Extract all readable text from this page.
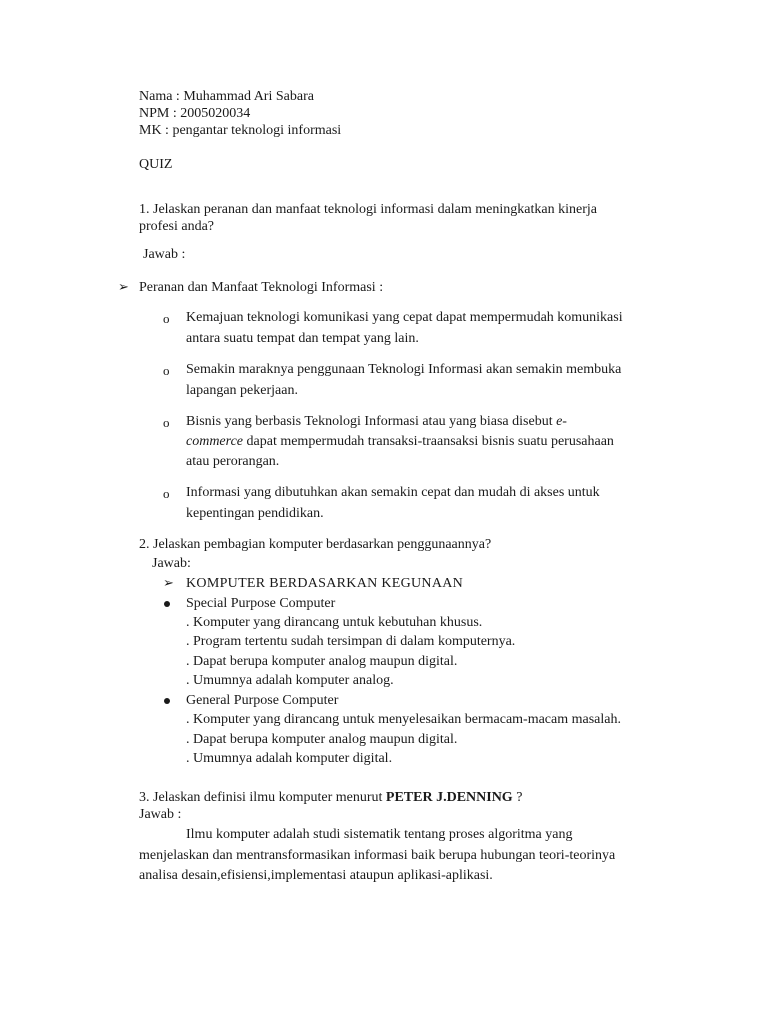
Nama : Muhammad Ari Sabara
NPM : 2005020034
MK : pengantar teknologi informasi
QUIZ
1. Jelaskan peranan dan manfaat teknologi informasi dalam meningkatkan kinerja
profesi anda?
Jawab :
➢ Peranan dan Manfaat Teknologi Informasi :
o Kemajuan teknologi komunikasi yang cepat dapat mempermudah komunikasi
antara suatu tempat dan tempat yang lain.
o Semakin maraknya penggunaan Teknologi Informasi akan semakin membuka
lapangan pekerjaan.
o Bisnis yang berbasis Teknologi Informasi atau yang biasa disebut e-
commerce dapat mempermudah transaksi-traansaksi bisnis suatu perusahaan
atau perorangan.
o Informasi yang dibutuhkan akan semakin cepat dan mudah di akses untuk
kepentingan pendidikan.
2. Jelaskan pembagian komputer berdasarkan penggunaannya?
Jawab:
➢ KOMPUTER BERDASARKAN KEGUNAAN
Special Purpose Computer
. Komputer yang dirancang untuk kebutuhan khusus.
. Program tertentu sudah tersimpan di dalam komputernya.
. Dapat berupa komputer analog maupun digital.
. Umumnya adalah komputer analog.
General Purpose Computer
. Komputer yang dirancang untuk menyelesaikan bermacam-macam masalah.
. Dapat berupa komputer analog maupun digital.
. Umumnya adalah komputer digital.
3. Jelaskan definisi ilmu komputer menurut PETER J.DENNING ?
Jawab :
Ilmu komputer adalah studi sistematik tentang proses algoritma yang
menjelaskan dan mentransformasikan informasi baik berupa hubungan teori-teorinya
analisa desain,efisiensi,implementasi ataupun aplikasi-aplikasi.
